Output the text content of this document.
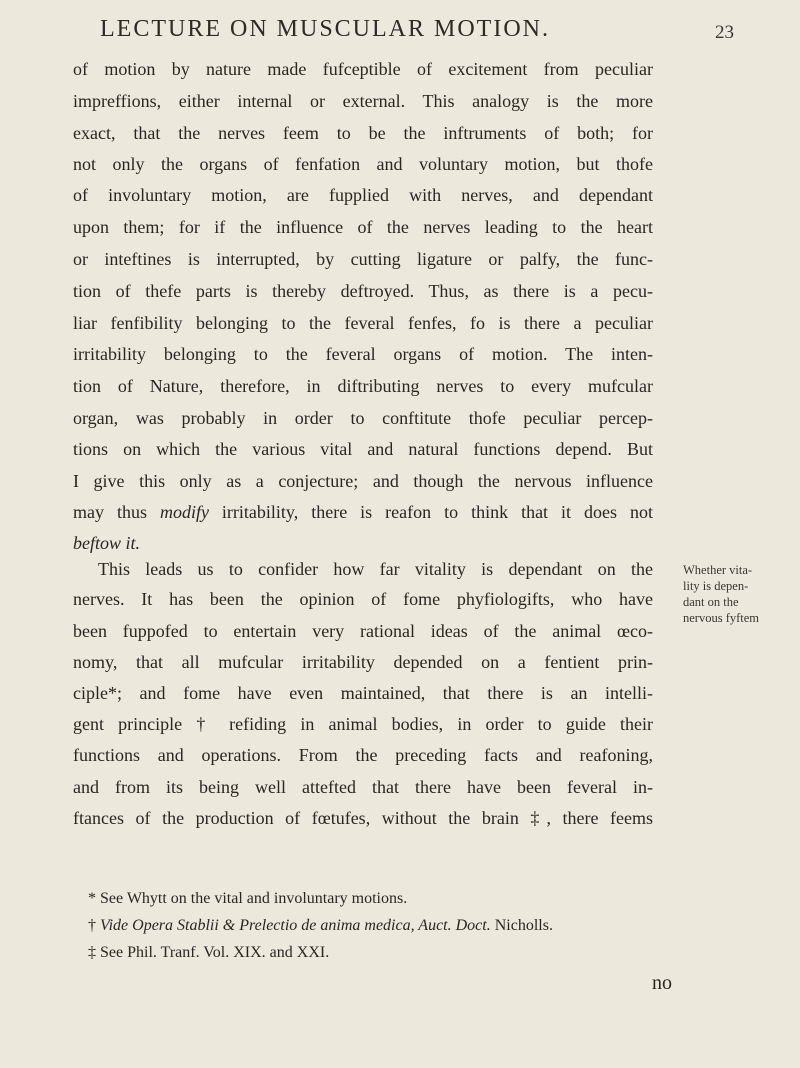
LECTURE ON MUSCULAR MOTION.	23
of motion by nature made fufceptible of excitement from peculiar
impreffions, either internal or external. This analogy is the more
exact, that the nerves feem to be the inftruments of both; for
not only the organs of fenfation and voluntary motion, but thofe
of involuntary motion, are fupplied with nerves, and dependant
upon them; for if the influence of the nerves leading to the heart
or inteftines is interrupted, by cutting ligature or palfy, the func-
tion of thefe parts is thereby deftroyed. Thus, as there is a pecu-
liar fenfibility belonging to the feveral fenfes, fo is there a peculiar
irritability belonging to the feveral organs of motion. The inten-
tion of Nature, therefore, in diftributing nerves to every mufcular
organ, was probably in order to conftitute thofe peculiar percep-
tions on which the various vital and natural functions depend. But
I give this only as a conjecture; and though the nervous influence
may thus modify irritability, there is reafon to think that it does not
beftow it.
This leads us to confider how far vitality is dependant on the
nerves. It has been the opinion of fome phyfiologifts, who have
been fuppofed to entertain very rational ideas of the animal œco-
nomy, that all mufcular irritability depended on a fentient prin-
ciple*; and fome have even maintained, that there is an intelli-
gent principle † refiding in animal bodies, in order to guide their
functions and operations. From the preceding facts and reafoning,
and from its being well attefted that there have been feveral in-
ftances of the production of fœtufes, without the brain ‡, there feems
Whether vita-
lity is depen-
dant on the
nervous fyftem
* See Whytt on the vital and involuntary motions.
† Vide Opera Stablii & Prelectio de anima medica, Auct. Doct. Nicholls.
‡ See Phil. Tranf. Vol. XIX. and XXI.
no
